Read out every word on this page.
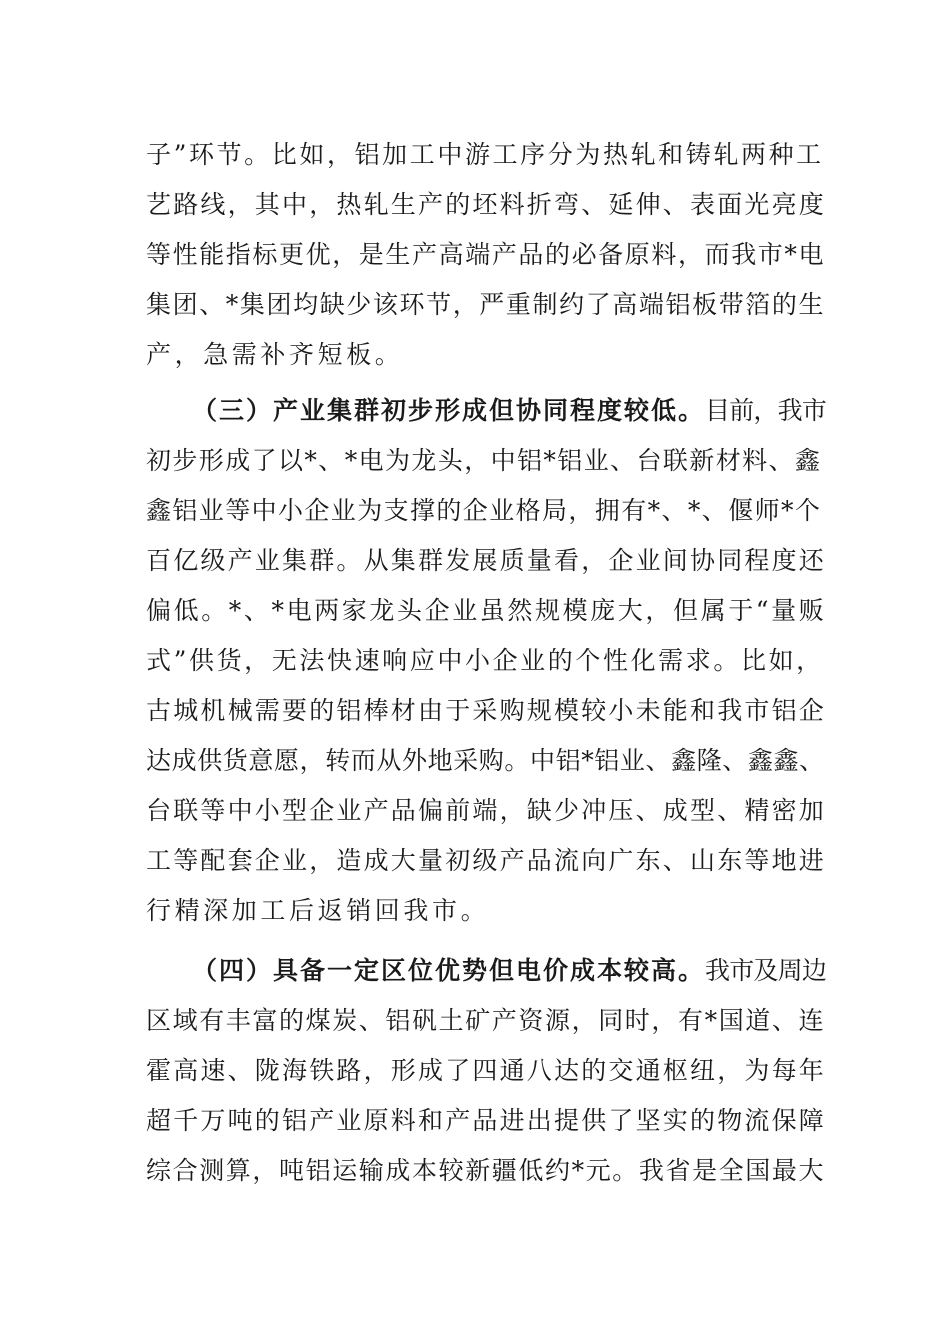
子”环节。比如，铝加工中游工序分为热轧和铸轧两种工
艺路线，其中，热轧生产的坯料折弯、延伸、表面光亮度
等性能指标更优，是生产高端产品的必备原料，而我市*电
集团、*集团均缺少该环节，严重制约了高端铝板带箔的生
产，急需补齐短板。
（三）产业集群初步形成但协同程度较低。目前，我市
初步形成了以*、*电为龙头，中铝*铝业、台联新材料、鑫
鑫铝业等中小企业为支撑的企业格局，拥有*、*、偃师*个
百亿级产业集群。从集群发展质量看，企业间协同程度还
偏低。*、*电两家龙头企业虽然规模庞大，但属于“量贩
式”供货，无法快速响应中小企业的个性化需求。比如，
古城机械需要的铝棒材由于采购规模较小未能和我市铝企
达成供货意愿，转而从外地采购。中铝*铝业、鑫隆、鑫鑫、
台联等中小型企业产品偏前端，缺少冲压、成型、精密加
工等配套企业，造成大量初级产品流向广东、山东等地进
行精深加工后返销回我市。
（四）具备一定区位优势但电价成本较高。我市及周边
区域有丰富的煤炭、铝矾土矿产资源，同时，有*国道、连
霍高速、陇海铁路，形成了四通八达的交通枢纽，为每年
超千万吨的铝产业原料和产品进出提供了坚实的物流保障
综合测算，吨铝运输成本较新疆低约*元。我省是全国最大
